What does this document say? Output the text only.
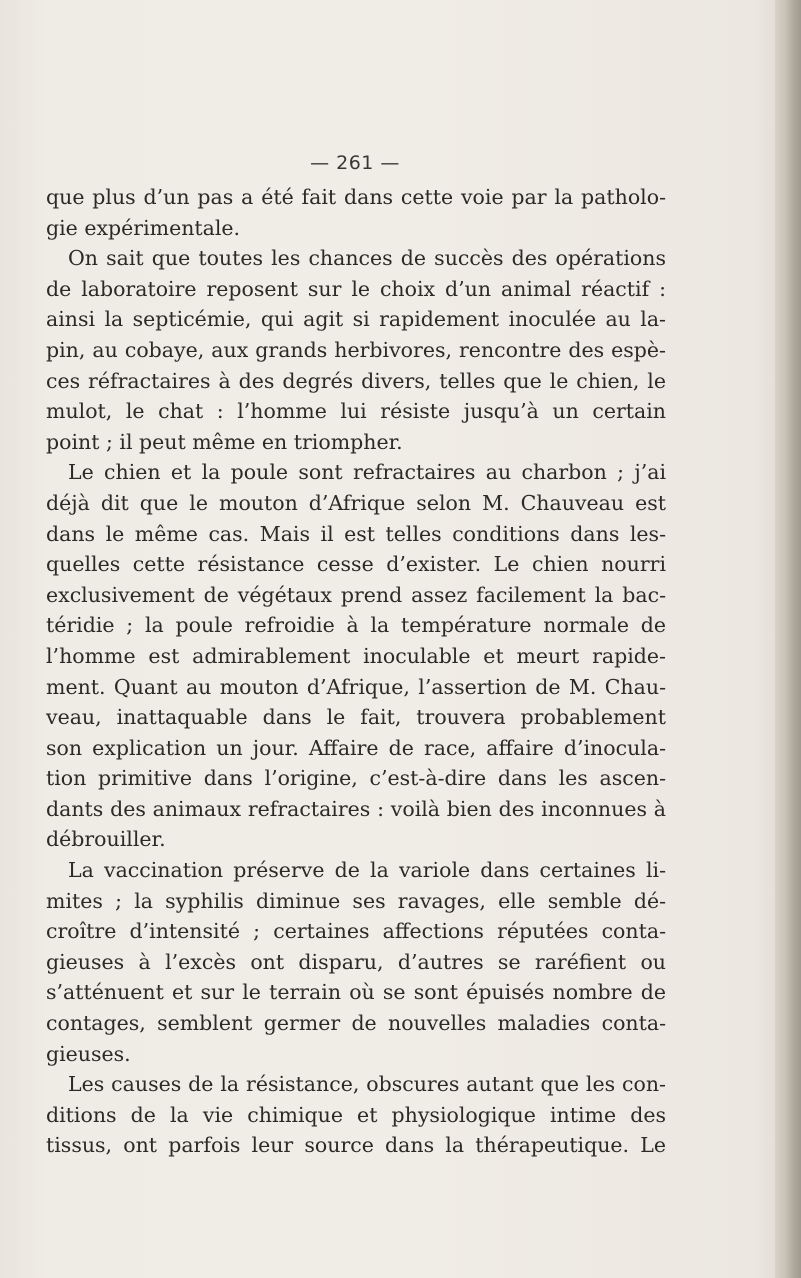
— 261 —
que plus d’un pas a été fait dans cette voie par la patholo-
gie expérimentale.
On sait que toutes les chances de succès des opérations
de laboratoire reposent sur le choix d’un animal réactif :
ainsi la septicémie, qui agit si rapidement inoculée au la-
pin, au cobaye, aux grands herbivores, rencontre des espè-
ces réfractaires à des degrés divers, telles que le chien, le
mulot, le chat : l’homme lui résiste jusqu’à un certain
point ; il peut même en triompher.
Le chien et la poule sont refractaires au charbon ; j’ai
déjà dit que le mouton d’Afrique selon M. Chauveau est
dans le même cas. Mais il est telles conditions dans les-
quelles cette résistance cesse d’exister. Le chien nourri
exclusivement de végétaux prend assez facilement la bac-
téridie ; la poule refroidie à la température normale de
l’homme est admirablement inoculable et meurt rapide-
ment. Quant au mouton d’Afrique, l’assertion de M. Chau-
veau, inattaquable dans le fait, trouvera probablement
son explication un jour. Affaire de race, affaire d’inocula-
tion primitive dans l’origine, c’est-à-dire dans les ascen-
dants des animaux refractaires : voilà bien des inconnues à
débrouiller.
La vaccination préserve de la variole dans certaines li-
mites ; la syphilis diminue ses ravages, elle semble dé-
croître d’intensité ; certaines affections réputées conta-
gieuses à l’excès ont disparu, d’autres se raréfient ou
s’atténuent et sur le terrain où se sont épuisés nombre de
contages, semblent germer de nouvelles maladies conta-
gieuses.
Les causes de la résistance, obscures autant que les con-
ditions de la vie chimique et physiologique intime des
tissus, ont parfois leur source dans la thérapeutique. Le
